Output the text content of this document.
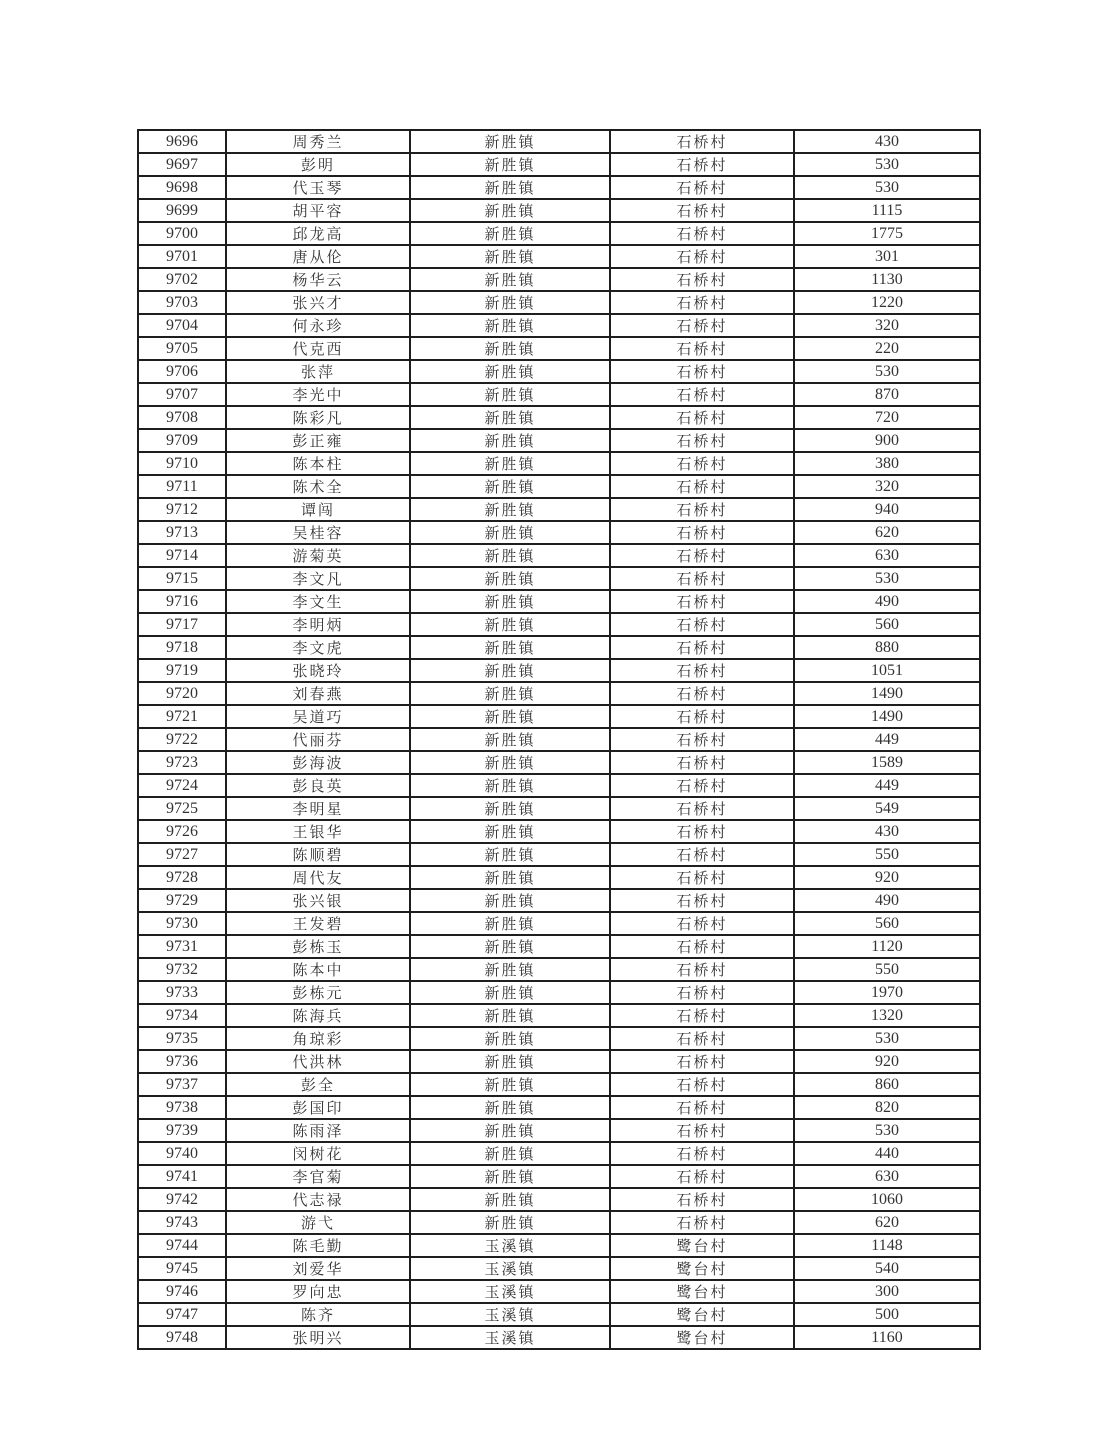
9696	周秀兰	新胜镇	石桥村	430
9697	彭明	新胜镇	石桥村	530
9698	代玉琴	新胜镇	石桥村	530
9699	胡平容	新胜镇	石桥村	1115
9700	邱龙高	新胜镇	石桥村	1775
9701	唐从伦	新胜镇	石桥村	301
9702	杨华云	新胜镇	石桥村	1130
9703	张兴才	新胜镇	石桥村	1220
9704	何永珍	新胜镇	石桥村	320
9705	代克西	新胜镇	石桥村	220
9706	张萍	新胜镇	石桥村	530
9707	李光中	新胜镇	石桥村	870
9708	陈彩凡	新胜镇	石桥村	720
9709	彭正雍	新胜镇	石桥村	900
9710	陈本柱	新胜镇	石桥村	380
9711	陈术全	新胜镇	石桥村	320
9712	谭闯	新胜镇	石桥村	940
9713	吴桂容	新胜镇	石桥村	620
9714	游菊英	新胜镇	石桥村	630
9715	李文凡	新胜镇	石桥村	530
9716	李文生	新胜镇	石桥村	490
9717	李明炳	新胜镇	石桥村	560
9718	李文虎	新胜镇	石桥村	880
9719	张晓玲	新胜镇	石桥村	1051
9720	刘春燕	新胜镇	石桥村	1490
9721	吴道巧	新胜镇	石桥村	1490
9722	代丽芬	新胜镇	石桥村	449
9723	彭海波	新胜镇	石桥村	1589
9724	彭良英	新胜镇	石桥村	449
9725	李明星	新胜镇	石桥村	549
9726	王银华	新胜镇	石桥村	430
9727	陈顺碧	新胜镇	石桥村	550
9728	周代友	新胜镇	石桥村	920
9729	张兴银	新胜镇	石桥村	490
9730	王发碧	新胜镇	石桥村	560
9731	彭栋玉	新胜镇	石桥村	1120
9732	陈本中	新胜镇	石桥村	550
9733	彭栋元	新胜镇	石桥村	1970
9734	陈海兵	新胜镇	石桥村	1320
9735	角琼彩	新胜镇	石桥村	530
9736	代洪林	新胜镇	石桥村	920
9737	彭全	新胜镇	石桥村	860
9738	彭国印	新胜镇	石桥村	820
9739	陈雨泽	新胜镇	石桥村	530
9740	闵树花	新胜镇	石桥村	440
9741	李官菊	新胜镇	石桥村	630
9742	代志禄	新胜镇	石桥村	1060
9743	游弋	新胜镇	石桥村	620
9744	陈毛勤	玉溪镇	鹭台村	1148
9745	刘爱华	玉溪镇	鹭台村	540
9746	罗向忠	玉溪镇	鹭台村	300
9747	陈齐	玉溪镇	鹭台村	500
9748	张明兴	玉溪镇	鹭台村	1160
